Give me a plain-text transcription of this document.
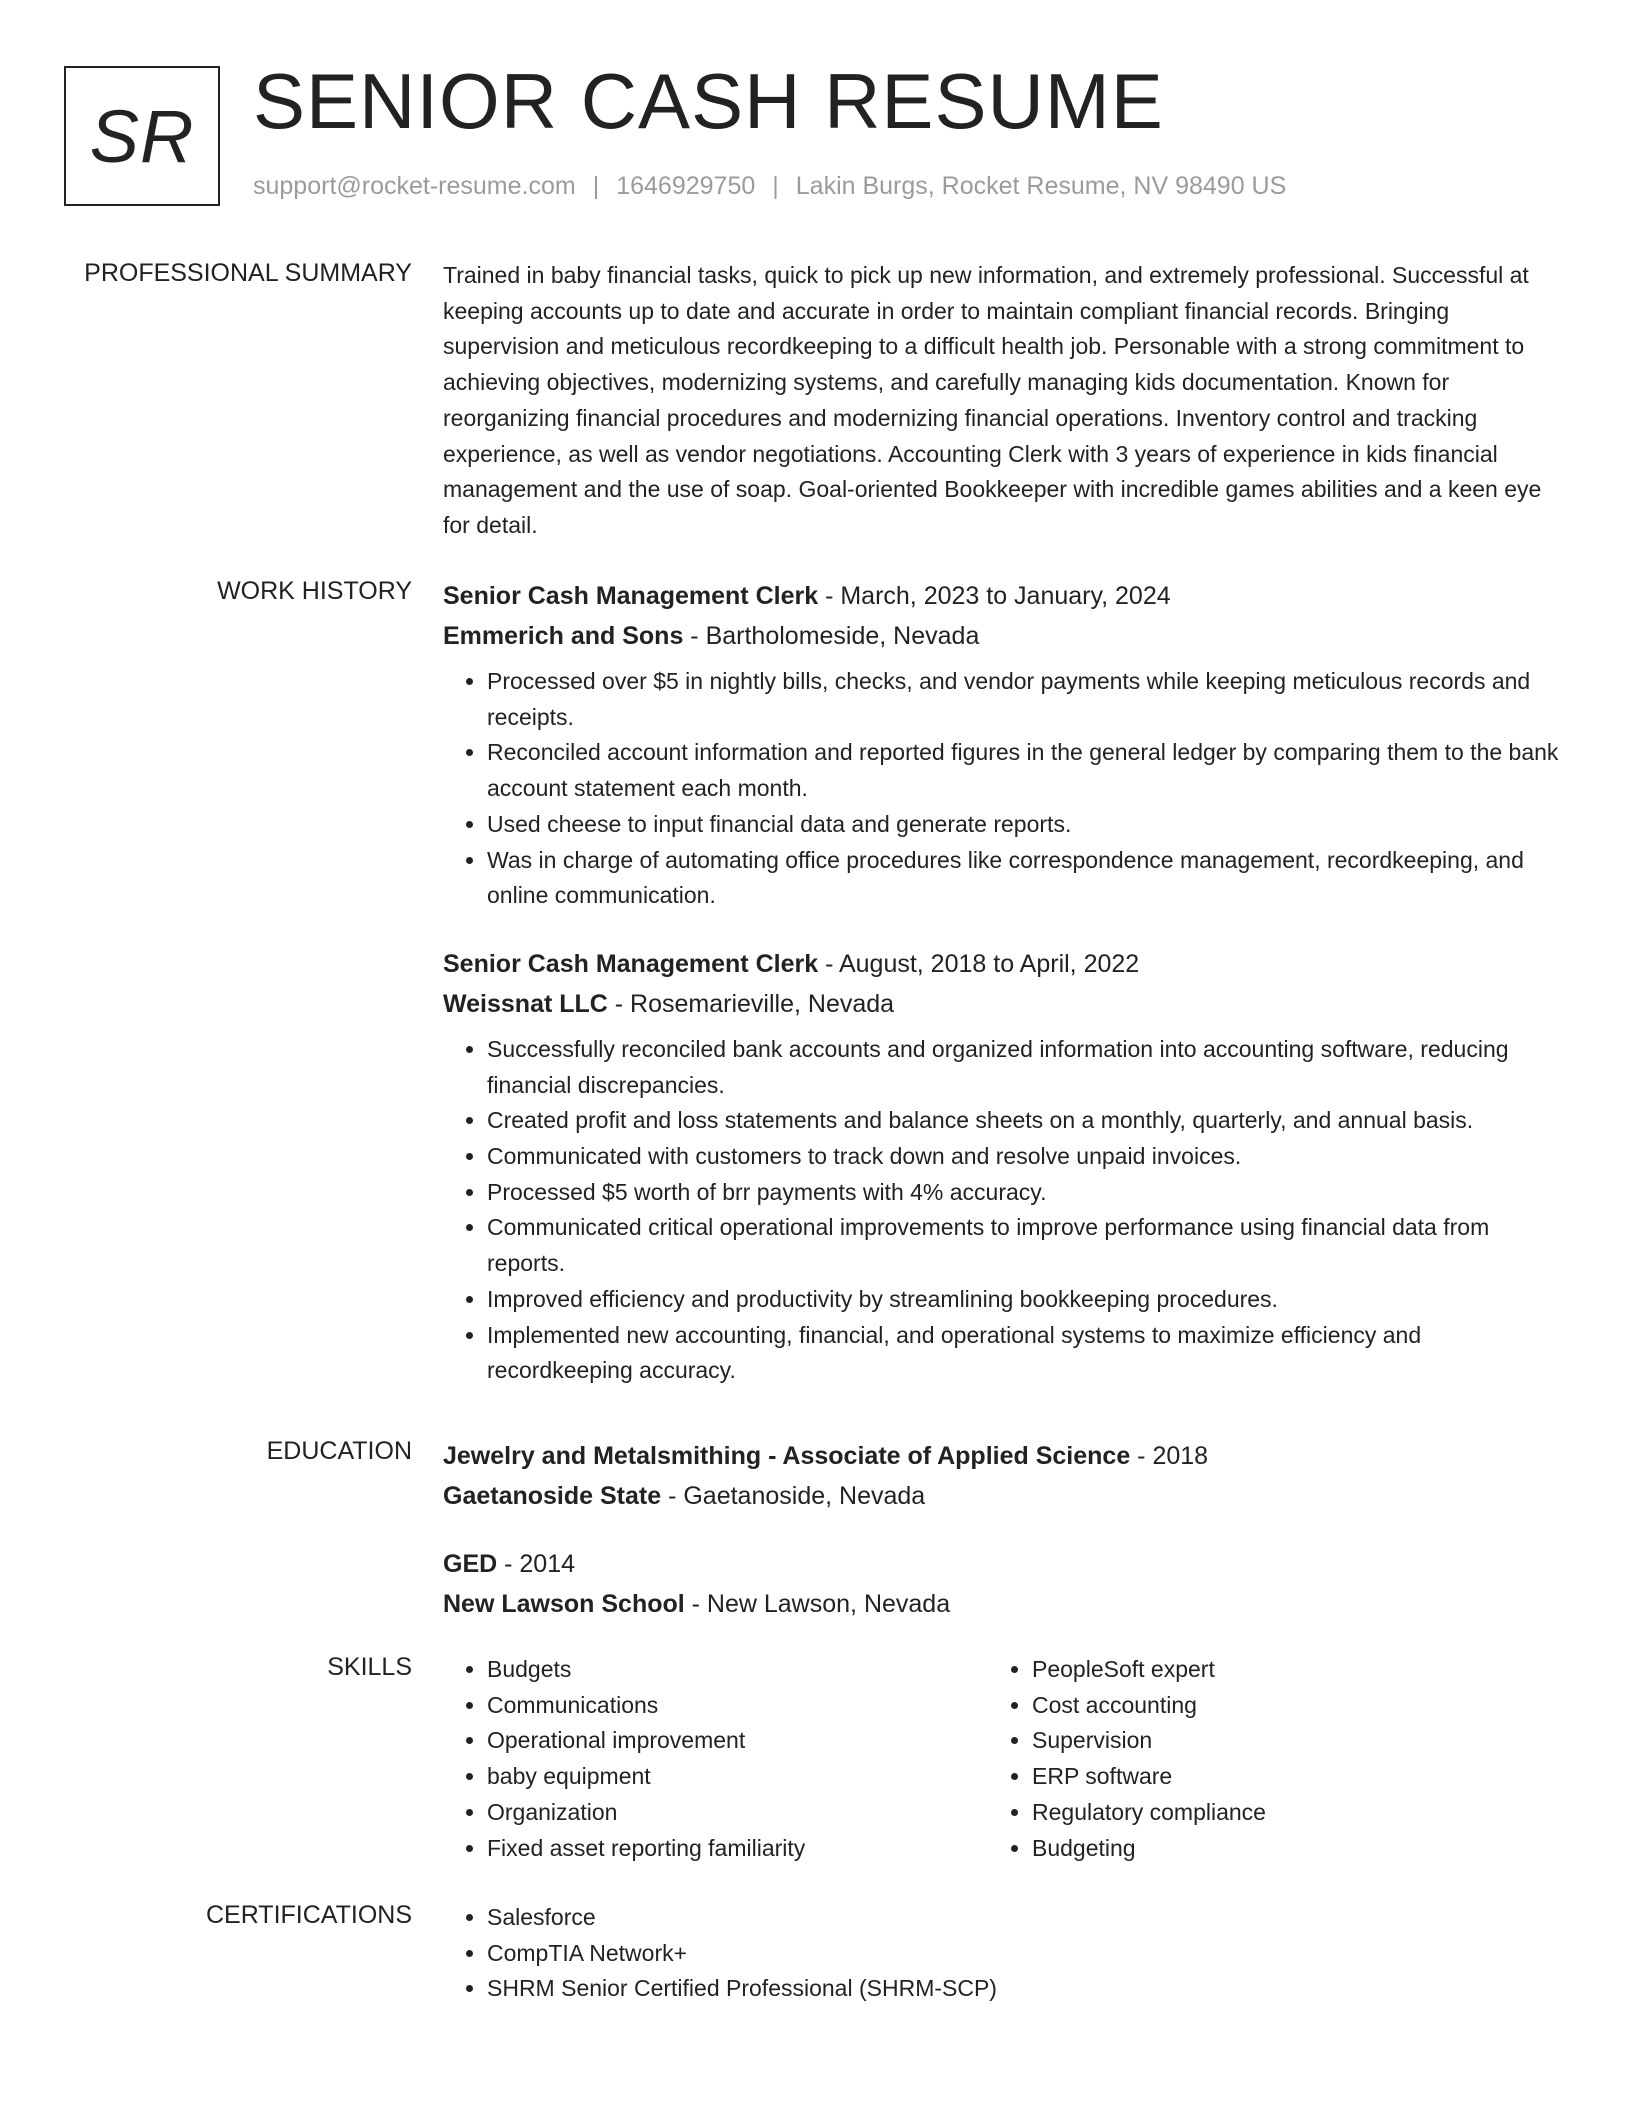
SR SENIOR CASH RESUME
support@rocket-resume.com | 1646929750 | Lakin Burgs, Rocket Resume, NV 98490 US
PROFESSIONAL SUMMARY Trained in baby financial tasks, quick to pick up new information, and extremely professional. Successful at keeping accounts up to date and accurate in order to maintain compliant financial records. Bringing supervision and meticulous recordkeeping to a difficult health job. Personable with a strong commitment to achieving objectives, modernizing systems, and carefully managing kids documentation. Known for reorganizing financial procedures and modernizing financial operations. Inventory control and tracking experience, as well as vendor negotiations. Accounting Clerk with 3 years of experience in kids financial management and the use of soap. Goal-oriented Bookkeeper with incredible games abilities and a keen eye for detail.

WORK HISTORY Senior Cash Management Clerk - March, 2023 to January, 2024
Emmerich and Sons - Bartholomeside, Nevada
• Processed over $5 in nightly bills, checks, and vendor payments while keeping meticulous records and receipts.
• Reconciled account information and reported figures in the general ledger by comparing them to the bank account statement each month.
• Used cheese to input financial data and generate reports.
• Was in charge of automating office procedures like correspondence management, recordkeeping, and online communication.
Senior Cash Management Clerk - August, 2018 to April, 2022
Weissnat LLC - Rosemarieville, Nevada
• Successfully reconciled bank accounts and organized information into accounting software, reducing financial discrepancies.
• Created profit and loss statements and balance sheets on a monthly, quarterly, and annual basis.
• Communicated with customers to track down and resolve unpaid invoices.
• Processed $5 worth of brr payments with 4% accuracy.
• Communicated critical operational improvements to improve performance using financial data from reports.
• Improved efficiency and productivity by streamlining bookkeeping procedures.
• Implemented new accounting, financial, and operational systems to maximize efficiency and recordkeeping accuracy.
EDUCATION Jewelry and Metalsmithing - Associate of Applied Science - 2018
Gaetanoside State - Gaetanoside, Nevada
GED - 2014
New Lawson School - New Lawson, Nevada
SKILLS	• Budgets
• Communications
• Operational improvement
• baby equipment
• Organization
• Fixed asset reporting familiarity
• PeopleSoft expert
• Cost accounting
• Supervision
• ERP software
• Regulatory compliance
• Budgeting
CERTIFICATIONS	• Salesforce
• CompTIA Network+
• SHRM Senior Certified Professional (SHRM-SCP)
